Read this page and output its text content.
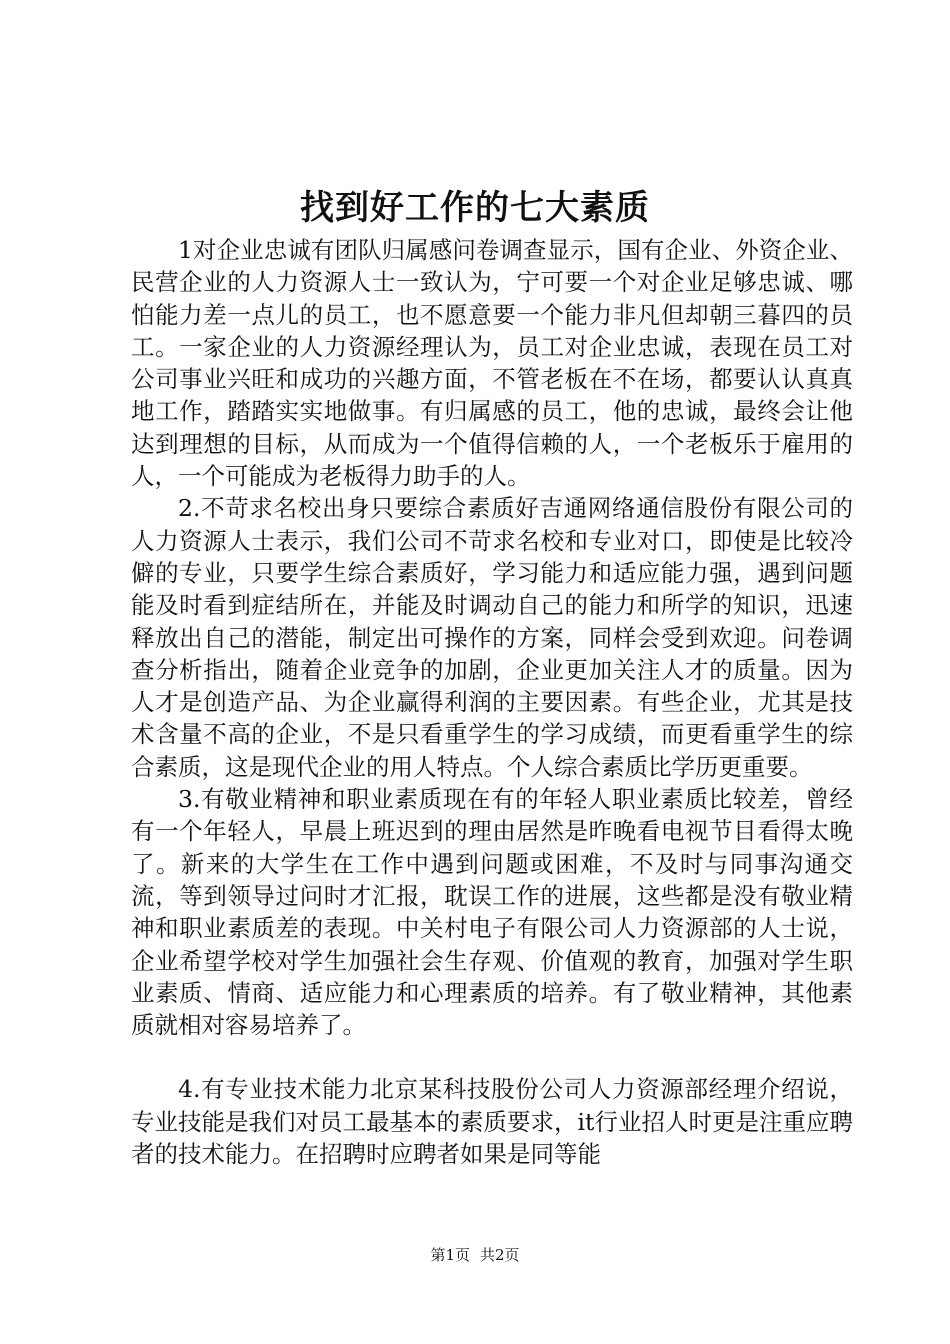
找到好工作的七大素质

1对企业忠诚有团队归属感问卷调查显示，国有企业、外资企业、民营企业的人力资源人士一致认为，宁可要一个对企业足够忠诚、哪怕能力差一点儿的员工，也不愿意要一个能力非凡但却朝三暮四的员工。一家企业的人力资源经理认为，员工对企业忠诚，表现在员工对公司事业兴旺和成功的兴趣方面，不管老板在不在场，都要认认真真地工作，踏踏实实地做事。有归属感的员工，他的忠诚，最终会让他达到理想的目标，从而成为一个值得信赖的人，一个老板乐于雇用的人，一个可能成为老板得力助手的人。

2.不苛求名校出身只要综合素质好吉通网络通信股份有限公司的人力资源人士表示，我们公司不苛求名校和专业对口，即使是比较冷僻的专业，只要学生综合素质好，学习能力和适应能力强，遇到问题能及时看到症结所在，并能及时调动自己的能力和所学的知识，迅速释放出自己的潜能，制定出可操作的方案，同样会受到欢迎。问卷调查分析指出，随着企业竞争的加剧，企业更加关注人才的质量。因为人才是创造产品、为企业赢得利润的主要因素。有些企业，尤其是技术含量不高的企业，不是只看重学生的学习成绩，而更看重学生的综合素质，这是现代企业的用人特点。个人综合素质比学历更重要。

3.有敬业精神和职业素质现在有的年轻人职业素质比较差，曾经有一个年轻人，早晨上班迟到的理由居然是昨晚看电视节目看得太晚了。新来的大学生在工作中遇到问题或困难，不及时与同事沟通交流，等到领导过问时才汇报，耽误工作的进展，这些都是没有敬业精神和职业素质差的表现。中关村电子有限公司人力资源部的人士说，企业希望学校对学生加强社会生存观、价值观的教育，加强对学生职业素质、情商、适应能力和心理素质的培养。有了敬业精神，其他素质就相对容易培养了。

4.有专业技术能力北京某科技股份公司人力资源部经理介绍说，专业技能是我们对员工最基本的素质要求，it行业招人时更是注重应聘者的技术能力。在招聘时应聘者如果是同等能

第1页 共2页
